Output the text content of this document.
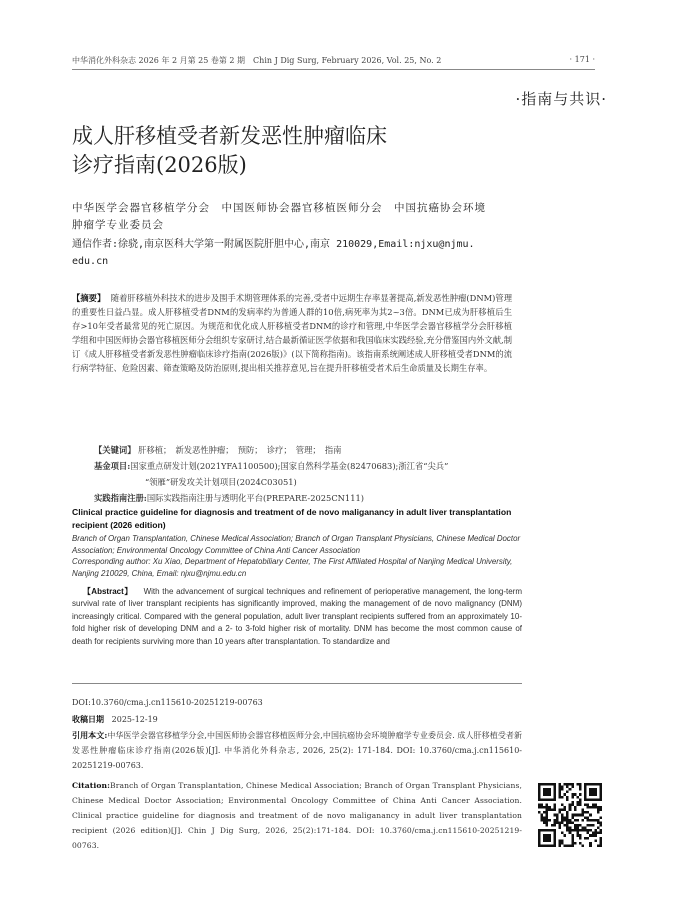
中华消化外科杂志 2026 年 2 月第 25 卷第 2 期　Chin J Dig Surg, February 2026, Vol. 25, No. 2	· 171 ·
·指南与共识·
成人肝移植受者新发恶性肿瘤临床
诊疗指南(2026版)
中华医学会器官移植学分会　中国医师协会器官移植医师分会　中国抗癌协会环境
肿瘤学专业委员会
通信作者:徐骁,南京医科大学第一附属医院肝胆中心,南京 210029,Email:njxu@njmu.
edu.cn
【摘要】 随着肝移植外科技术的进步及围手术期管理体系的完善,受者中远期生存率显著提高,新发恶性肿瘤(DNM)管理的重要性日益凸显。成人肝移植受者DNM的发病率约为普通人群的10倍,病死率为其2~3倍。DNM已成为肝移植后生存>10年受者最常见的死亡原因。为规范和优化成人肝移植受者DNM的诊疗和管理,中华医学会器官移植学分会肝移植学组和中国医师协会器官移植医师分会组织专家研讨,结合最新循证医学依据和我国临床实践经验,充分借鉴国内外文献,制订《成人肝移植受者新发恶性肿瘤临床诊疗指南(2026版)》(以下简称指南)。该指南系统阐述成人肝移植受者DNM的流行病学特征、危险因素、筛查策略及防治原则,提出相关推荐意见,旨在提升肝移植受者术后生命质量及长期生存率。
【关键词】 肝移植；　新发恶性肿瘤；　预防；　诊疗；　管理；　指南
基金项目:国家重点研发计划(2021YFA1100500);国家自然科学基金(82470683);浙江省“尖兵”
“领雁”研发攻关计划项目(2024C03051)
实践指南注册:国际实践指南注册与透明化平台(PREPARE-2025CN111)
Clinical practice guideline for diagnosis and treatment of de novo maliganancy in adult liver transplantation recipient (2026 edition)
Branch of Organ Transplantation, Chinese Medical Association; Branch of Organ Transplant Physicians, Chinese Medical Doctor Association; Environmental Oncology Committee of China Anti Cancer Association
Corresponding author: Xu Xiao, Department of Hepatobiliary Center, The First Affiliated Hospital of Nanjing Medical University, Nanjing 210029, China, Email: njxu@njmu.edu.cn
【Abstract】 With the advancement of surgical techniques and refinement of perioperative management, the long-term survival rate of liver transplant recipients has significantly improved, making the management of de novo malignancy (DNM) increasingly critical. Compared with the general population, adult liver transplant recipients suffered from an approximately 10-fold higher risk of developing DNM and a 2- to 3-fold higher risk of mortality. DNM has become the most common cause of death for recipients surviving more than 10 years after transplantation. To standardize and
DOI:10.3760/cma.j.cn115610-20251219-00763
收稿日期 2025-12-19
引用本文:中华医学会器官移植学分会,中国医师协会器官移植医师分会,中国抗癌协会环境肿瘤学专业委员会. 成人肝移植受者新发恶性肿瘤临床诊疗指南(2026版)[J]. 中华消化外科杂志, 2026, 25(2): 171-184. DOI: 10.3760/cma.j.cn115610-20251219-00763.
Citation:Branch of Organ Transplantation, Chinese Medical Association; Branch of Organ Transplant Physicians, Chinese Medical Doctor Association; Environmental Oncology Committee of China Anti Cancer Association. Clinical practice guideline for diagnosis and treatment of de novo maliganancy in adult liver transplantation recipient (2026 edition)[J]. Chin J Dig Surg, 2026, 25(2):171-184. DOI: 10.3760/cma.j.cn115610-20251219-00763.
